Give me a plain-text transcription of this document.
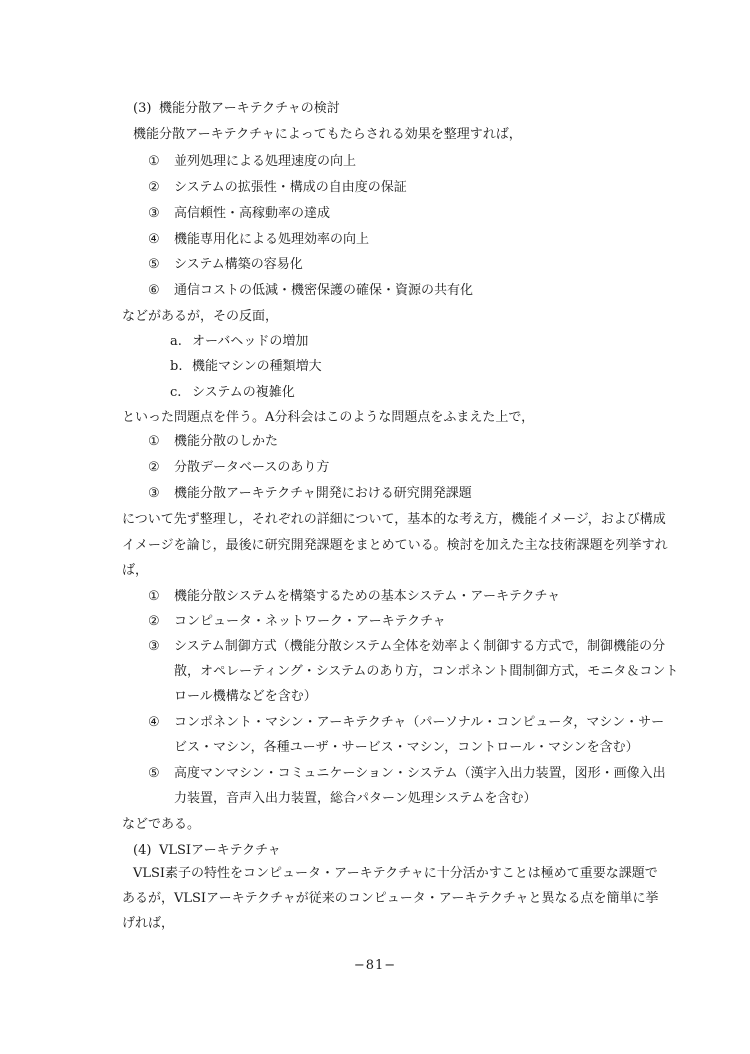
(3) 機能分散アーキテクチャの検討
機能分散アーキテクチャによってもたらされる効果を整理すれば，
① 並列処理による処理速度の向上
② システムの拡張性・構成の自由度の保証
③ 高信頼性・高稼動率の達成
④ 機能専用化による処理効率の向上
⑤ システム構築の容易化
⑥ 通信コストの低減・機密保護の確保・資源の共有化
などがあるが，その反面，
a. オーバヘッドの増加
b. 機能マシンの種類増大
c. システムの複雑化
といった問題点を伴う。A分科会はこのような問題点をふまえた上で，
① 機能分散のしかた
② 分散データベースのあり方
③ 機能分散アーキテクチャ開発における研究開発課題
について先ず整理し，それぞれの詳細について，基本的な考え方，機能イメージ，および構成
イメージを論じ，最後に研究開発課題をまとめている。検討を加えた主な技術課題を列挙すれ
ば，
① 機能分散システムを構築するための基本システム・アーキテクチャ
② コンピュータ・ネットワーク・アーキテクチャ
③ システム制御方式（機能分散システム全体を効率よく制御する方式で，制御機能の分
散，オペレーティング・システムのあり方，コンポネント間制御方式，モニタ＆コント
ロール機構などを含む）
④ コンポネント・マシン・アーキテクチャ（パーソナル・コンピュータ，マシン・サー
ビス・マシン，各種ユーザ・サービス・マシン，コントロール・マシンを含む）
⑤ 高度マンマシン・コミュニケーション・システム（漢字入出力装置，図形・画像入出
力装置，音声入出力装置，総合パターン処理システムを含む）
などである。
(4) VLSIアーキテクチャ
VLSI素子の特性をコンピュータ・アーキテクチャに十分活かすことは極めて重要な課題で
あるが，VLSIアーキテクチャが従来のコンピュータ・アーキテクチャと異なる点を簡単に挙
げれば，
−81−
